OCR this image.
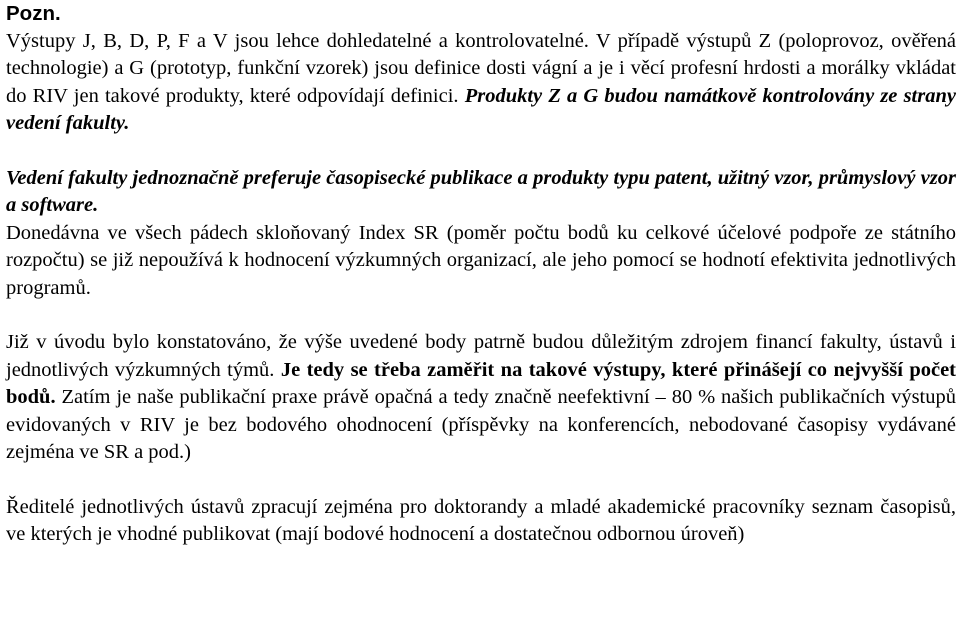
Pozn.

Výstupy J, B, D, P, F a V jsou lehce dohledatelné a kontrolovatelné. V případě výstupů Z (poloprovoz, ověřená technologie) a G (prototyp, funkční vzorek) jsou definice dosti vágní a je i věcí profesní hrdosti a morálky vkládat do RIV jen takové produkty, které odpovídají definici. Produkty Z a G budou namátkově kontrolovány ze strany vedení fakulty.

Vedení fakulty jednoznačně preferuje časopisecké publikace a produkty typu patent, užitný vzor, průmyslový vzor a software.

Donedávna ve všech pádech skloňovaný Index SR (poměr počtu bodů ku celkové účelové podpoře ze státního rozpočtu) se již nepoužívá k hodnocení výzkumných organizací, ale jeho pomocí se hodnotí efektivita jednotlivých programů.

Již v úvodu bylo konstatováno, že výše uvedené body patrně budou důležitým zdrojem financí fakulty, ústavů i jednotlivých výzkumných týmů. Je tedy se třeba zaměřit na takové výstupy, které přinášejí co nejvyšší počet bodů. Zatím je naše publikační praxe právě opačná a tedy značně neefektivní – 80 % našich publikačních výstupů evidovaných v RIV je bez bodového ohodnocení (příspěvky na konferencích, nebodované časopisy vydávané zejména ve SR a pod.)

Ředitelé jednotlivých ústavů zpracují zejména pro doktorandy a mladé akademické pracovníky seznam časopisů, ve kterých je vhodné publikovat (mají bodové hodnocení a dostatečnou odbornou úroveň)
